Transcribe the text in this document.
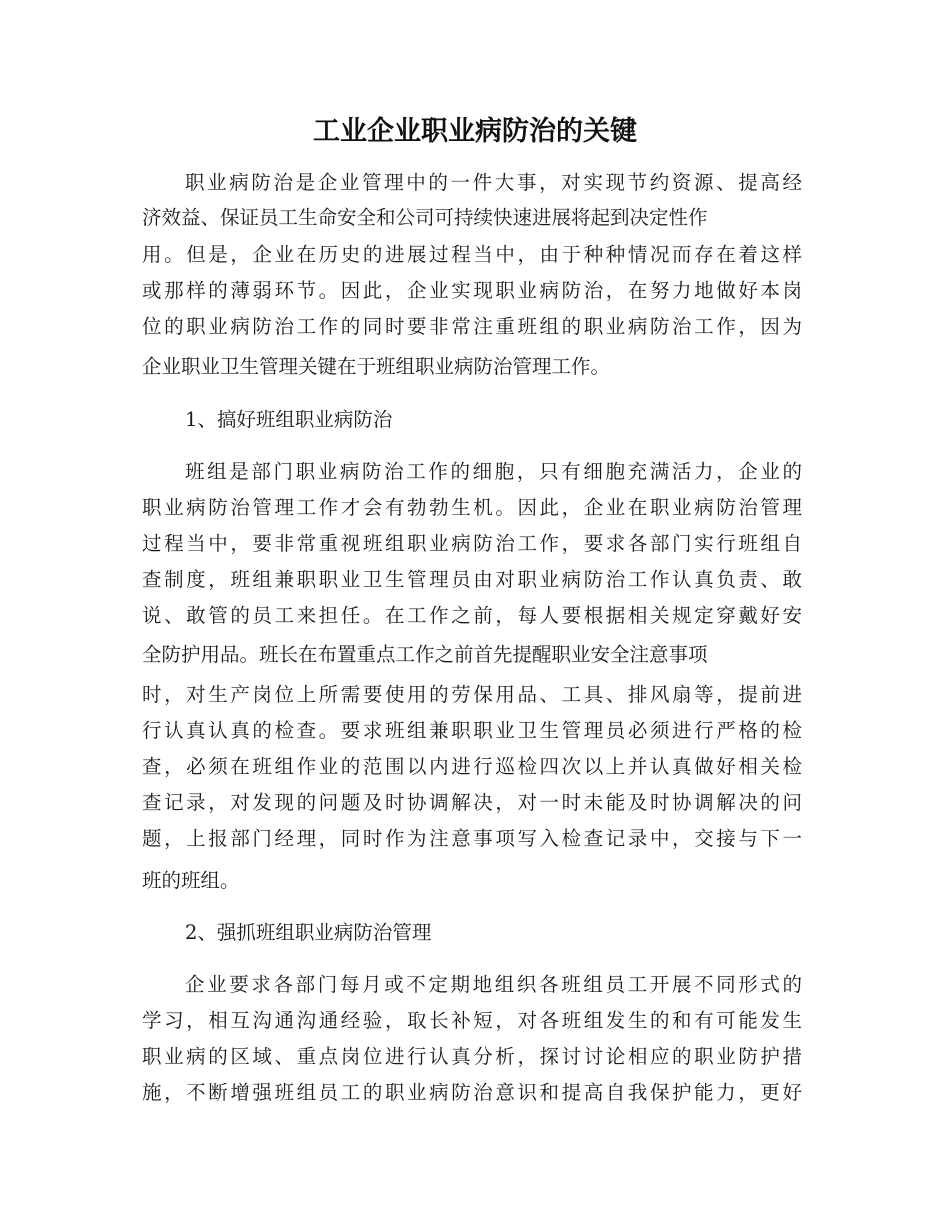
工业企业职业病防治的关键

职业病防治是企业管理中的一件大事，对实现节约资源、提高经

济效益、保证员工生命安全和公司可持续快速进展将起到决定性作

用。但是，企业在历史的进展过程当中，由于种种情况而存在着这样

或那样的薄弱环节。因此，企业实现职业病防治，在努力地做好本岗

位的职业病防治工作的同时要非常注重班组的职业病防治工作，因为

企业职业卫生管理关键在于班组职业病防治管理工作。

1、搞好班组职业病防治

班组是部门职业病防治工作的细胞，只有细胞充满活力，企业的

职业病防治管理工作才会有勃勃生机。因此，企业在职业病防治管理

过程当中，要非常重视班组职业病防治工作，要求各部门实行班组自

查制度，班组兼职职业卫生管理员由对职业病防治工作认真负责、敢

说、敢管的员工来担任。在工作之前，每人要根据相关规定穿戴好安

全防护用品。班长在布置重点工作之前首先提醒职业安全注意事项

时，对生产岗位上所需要使用的劳保用品、工具、排风扇等，提前进

行认真认真的检查。要求班组兼职职业卫生管理员必须进行严格的检

查，必须在班组作业的范围以内进行巡检四次以上并认真做好相关检

查记录，对发现的问题及时协调解决，对一时未能及时协调解决的问

题，上报部门经理，同时作为注意事项写入检查记录中，交接与下一

班的班组。

2、强抓班组职业病防治管理

企业要求各部门每月或不定期地组织各班组员工开展不同形式的

学习，相互沟通沟通经验，取长补短，对各班组发生的和有可能发生

职业病的区域、重点岗位进行认真分析，探讨讨论相应的职业防护措

施，不断增强班组员工的职业病防治意识和提高自我保护能力，更好
